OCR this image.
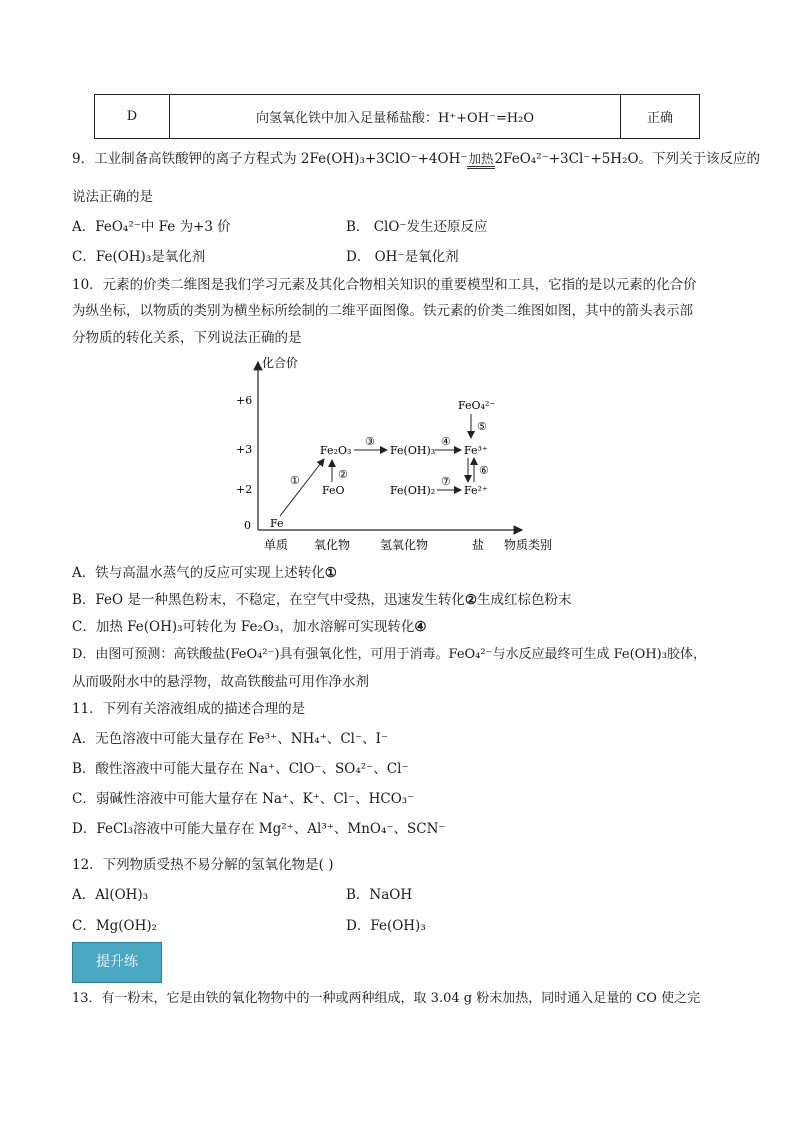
D	向氢氧化铁中加入足量稀盐酸：H⁺+OH⁻=H₂O	正确
9．工业制备高铁酸钾的离子方程式为 2Fe(OH)₃+3ClO⁻+4OH⁻加热2FeO₄²⁻+3Cl⁻+5H₂O。下列关于该反应的
说法正确的是
A．FeO₄²⁻中 Fe 为+3 价	B． ClO⁻发生还原反应
C．Fe(OH)₃是氧化剂	D． OH⁻是氧化剂
10．元素的价类二维图是我们学习元素及其化合物相关知识的重要模型和工具，它指的是以元素的化合价
为纵坐标，以物质的类别为横坐标所绘制的二维平面图像。铁元素的价类二维图如图，其中的箭头表示部
分物质的转化关系，下列说法正确的是
化合价
+6
+3
+2
0
单质 氧化物 氢氧化物	盐 物质类别
Fe
Fe₂O₃
FeO
Fe(OH)₃
Fe(OH)₂
Fe³⁺
Fe²⁺
FeO₄²⁻
①	②
③	④
⑤
⑥
⑦
A．铁与高温水蒸气的反应可实现上述转化①
B．FeO 是一种黑色粉末，不稳定，在空气中受热，迅速发生转化②生成红棕色粉末
C．加热 Fe(OH)₃可转化为 Fe₂O₃，加水溶解可实现转化④
D．由图可预测：高铁酸盐(FeO₄²⁻)具有强氧化性，可用于消毒。FeO₄²⁻与水反应最终可生成 Fe(OH)₃胶体，
从而吸附水中的悬浮物，故高铁酸盐可用作净水剂
11．下列有关溶液组成的描述合理的是
A．无色溶液中可能大量存在 Fe³⁺、NH₄⁺、Cl⁻、I⁻
B．酸性溶液中可能大量存在 Na⁺、ClO⁻、SO₄²⁻、Cl⁻
C．弱碱性溶液中可能大量存在 Na⁺、K⁺、Cl⁻、HCO₃⁻
D．FeCl₃溶液中可能大量存在 Mg²⁺、Al³⁺、MnO₄⁻、SCN⁻
12．下列物质受热不易分解的氢氧化物是( )
A．Al(OH)₃	B．NaOH
C．Mg(OH)₂	D．Fe(OH)₃
提升练
13．有一粉末，它是由铁的氧化物物中的一种或两种组成，取 3.04 g 粉末加热，同时通入足量的 CO 使之完
